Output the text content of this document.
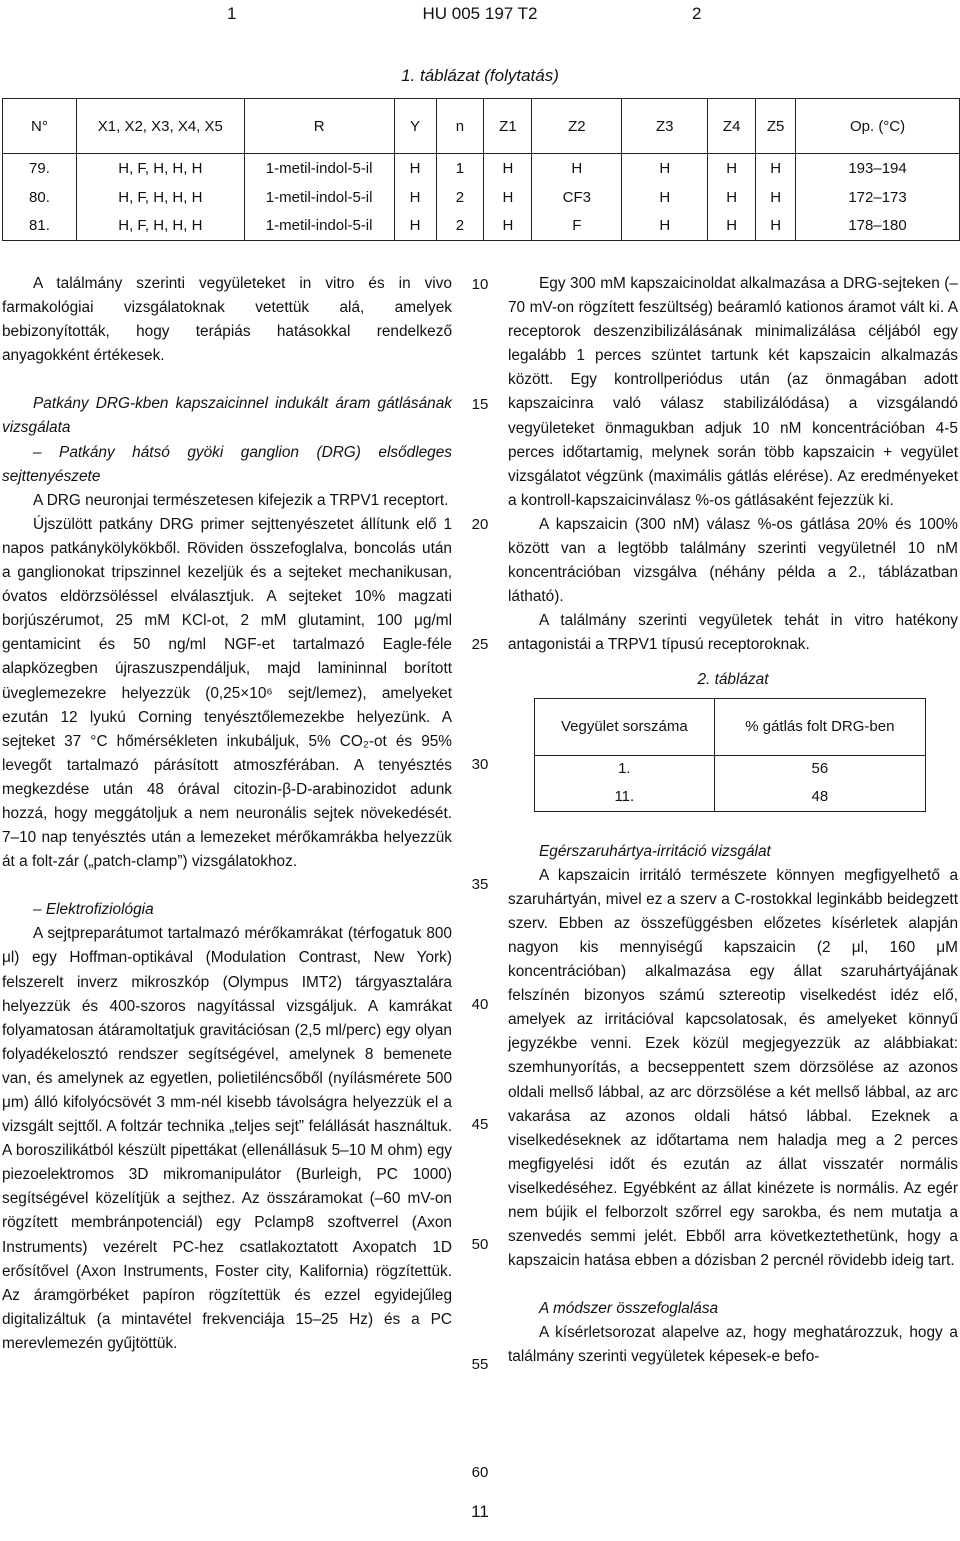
1	HU 005 197 T2	2
1. táblázat (folytatás)
N°	X1, X2, X3, X4, X5	R	Y	n	Z1	Z2	Z3	Z4	Z5	Op. (°C)
79.	H, F, H, H, H	1-metil-indol-5-il	H	1	H	H	H	H	H	193–194
80.	H, F, H, H, H	1-metil-indol-5-il	H	2	H	CF3	H	H	H	172–173
81.	H, F, H, H, H	1-metil-indol-5-il	H	2	H	F	H	H	H	178–180

A találmány szerinti vegyületeket in vitro és in vivo farmakológiai vizsgálatoknak vetettük alá, amelyek bebizonyították, hogy terápiás hatásokkal rendelkező anyagokként értékesek.

Patkány DRG-kben kapszaicinnel indukált áram gátlásának vizsgálata

– Patkány hátsó gyöki ganglion (DRG) elsődleges sejttenyészete

A DRG neuronjai természetesen kifejezik a TRPV1 receptort.

Újszülött patkány DRG primer sejttenyészetet állítunk elő 1 napos patkánykölykökből. Röviden összefoglalva, boncolás után a ganglionokat tripszinnel kezeljük és a sejteket mechanikusan, óvatos eldörzsöléssel elválasztjuk. A sejteket 10% magzati borjúszérumot, 25 mM KCl-ot, 2 mM glutamint, 100 μg/ml gentamicint és 50 ng/ml NGF-et tartalmazó Eagle-féle alapközegben újraszuszpendáljuk, majd lamininnal borított üveglemezekre helyezzük (0,25×10⁶ sejt/lemez), amelyeket ezután 12 lyukú Corning tenyésztőlemezekbe helyezünk. A sejteket 37 °C hőmérsékleten inkubáljuk, 5% CO₂-ot és 95% levegőt tartalmazó párásított atmoszférában. A tenyésztés megkezdése után 48 órával citozin-β-D-arabinozidot adunk hozzá, hogy meggátoljuk a nem neuronális sejtek növekedését. 7–10 nap tenyésztés után a lemezeket mérőkamrákba helyezzük át a folt-zár („patch-clamp”) vizsgálatokhoz.

– Elektrofiziológia

A sejtpreparátumot tartalmazó mérőkamrákat (térfogatuk 800 μl) egy Hoffman-optikával (Modulation Contrast, New York) felszerelt inverz mikroszkóp (Olympus IMT2) tárgyasztalára helyezzük és 400-szoros nagyítással vizsgáljuk. A kamrákat folyamatosan átáramoltatjuk gravitációsan (2,5 ml/perc) egy olyan folyadékelosztó rendszer segítségével, amelynek 8 bemenete van, és amelynek az egyetlen, polietiléncsőből (nyílásmérete 500 μm) álló kifolyócsövét 3 mm-nél kisebb távolságra helyezzük el a vizsgált sejttől. A foltzár technika „teljes sejt” felállását használtuk. A boroszilikátból készült pipettákat (ellenállásuk 5–10 M ohm) egy piezoelektromos 3D mikromanipulátor (Burleigh, PC 1000) segítségével közelítjük a sejthez. Az összáramokat (–60 mV-on rögzített membránpotenciál) egy Pclamp8 szoftverrel (Axon Instruments) vezérelt PC-hez csatlakoztatott Axopatch 1D erősítővel (Axon Instruments, Foster city, Kalifornia) rögzítettük. Az áramgörbéket papíron rögzítettük és ezzel egyidejűleg digitalizáltuk (a mintavétel frekvenciája 15–25 Hz) és a PC merevlemezén gyűjtöttük.

10
15
20
25
30
35
40
45
50
55
60

Egy 300 mM kapszaicinoldat alkalmazása a DRG-sejteken (–70 mV-on rögzített feszültség) beáramló kationos áramot vált ki. A receptorok deszenzibilizálásának minimalizálása céljából egy legalább 1 perces szüntet tartunk két kapszaicin alkalmazás között. Egy kontrollperiódus után (az önmagában adott kapszaicinra való válasz stabilizálódása) a vizsgálandó vegyületeket önmagukban adjuk 10 nM koncentrációban 4-5 perces időtartamig, melynek során több kapszaicin + vegyület vizsgálatot végzünk (maximális gátlás elérése). Az eredményeket a kontroll-kapszaicinválasz %-os gátlásaként fejezzük ki.

A kapszaicin (300 nM) válasz %-os gátlása 20% és 100% között van a legtöbb találmány szerinti vegyületnél 10 nM koncentrációban vizsgálva (néhány példa a 2., táblázatban látható).

A találmány szerinti vegyületek tehát in vitro hatékony antagonistái a TRPV1 típusú receptoroknak.

2. táblázat
Vegyület sorszáma	% gátlás folt DRG-ben
1.	56
11.	48

Egérszaruhártya-irritáció vizsgálat

A kapszaicin irritáló természete könnyen megfigyelhető a szaruhártyán, mivel ez a szerv a C-rostokkal leginkább beidegzett szerv. Ebben az összefüggésben előzetes kísérletek alapján nagyon kis mennyiségű kapszaicin (2 μl, 160 μM koncentrációban) alkalmazása egy állat szaruhártyájának felszínén bizonyos számú sztereotip viselkedést idéz elő, amelyek az irritációval kapcsolatosak, és amelyeket könnyű jegyzékbe venni. Ezek közül megjegyezzük az alábbiakat: szemhunyorítás, a becseppentett szem dörzsölése az azonos oldali mellső lábbal, az arc dörzsölése a két mellső lábbal, az arc vakarása az azonos oldali hátsó lábbal. Ezeknek a viselkedéseknek az időtartama nem haladja meg a 2 perces megfigyelési időt és ezután az állat visszatér normális viselkedéséhez. Egyébként az állat kinézete is normális. Az egér nem bújik el felborzolt szőrrel egy sarokba, és nem mutatja a szenvedés semmi jelét. Ebből arra következtethetünk, hogy a kapszaicin hatása ebben a dózisban 2 percnél rövidebb ideig tart.

A módszer összefoglalása

A kísérletsorozat alapelve az, hogy meghatározzuk, hogy a találmány szerinti vegyületek képesek-e befo-

11
